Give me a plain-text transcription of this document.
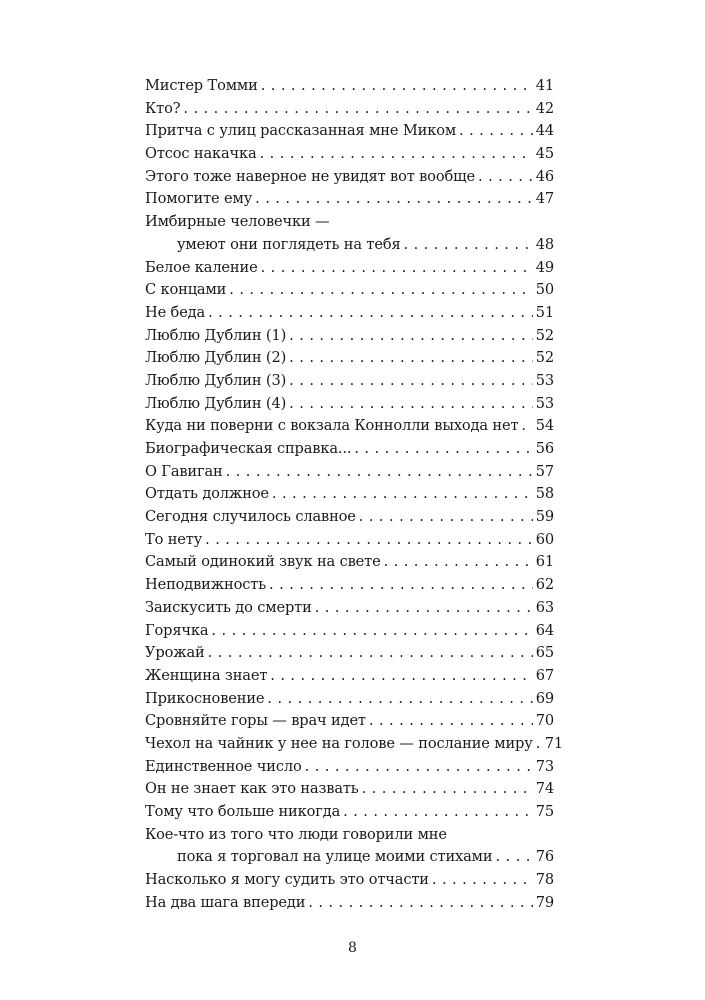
Мистер Томми . . .	41
Кто? . . .	42
Притча с улиц рассказанная мне Миком . . .	44
Отсос накачка . . .	45
Этого тоже наверное не увидят вот вообще . . .	46
Помогите ему . . .	47
Имбирные человечки —
умеют они поглядеть на тебя . . .	48
Белое каление . . .	49
С концами . . .	50
Не беда . . .	51
Люблю Дублин (1) . . .	52
Люблю Дублин (2) . . .	52
Люблю Дублин (3) . . .	53
Люблю Дублин (4) . . .	53
Куда ни поверни с вокзала Коннолли выхода нет . . . 54
Биографическая справка... . . .	56
О Гавиган . . .	57
Отдать должное . . .	58
Сегодня случилось славное . . .	59
То нету . . .	60
Самый одинокий звук на свете . . .	61
Неподвижность . . .	62
Заискусить до смерти . . .	63
Горячка . . .	64
Урожай . . .	65
Женщина знает . . .	67
Прикосновение . . .	69
Сровняйте горы — врач идет . . .	70
Чехол на чайник у нее на голове — послание миру . . . 71
Единственное число . . .	73
Он не знает как это назвать . . .	74
Тому что больше никогда . . .	75
Кое-что из того что люди говорили мне
пока я торговал на улице моими стихами . . .	76
Насколько я могу судить это отчасти . . .	78
На два шага впереди . . .	79
8
